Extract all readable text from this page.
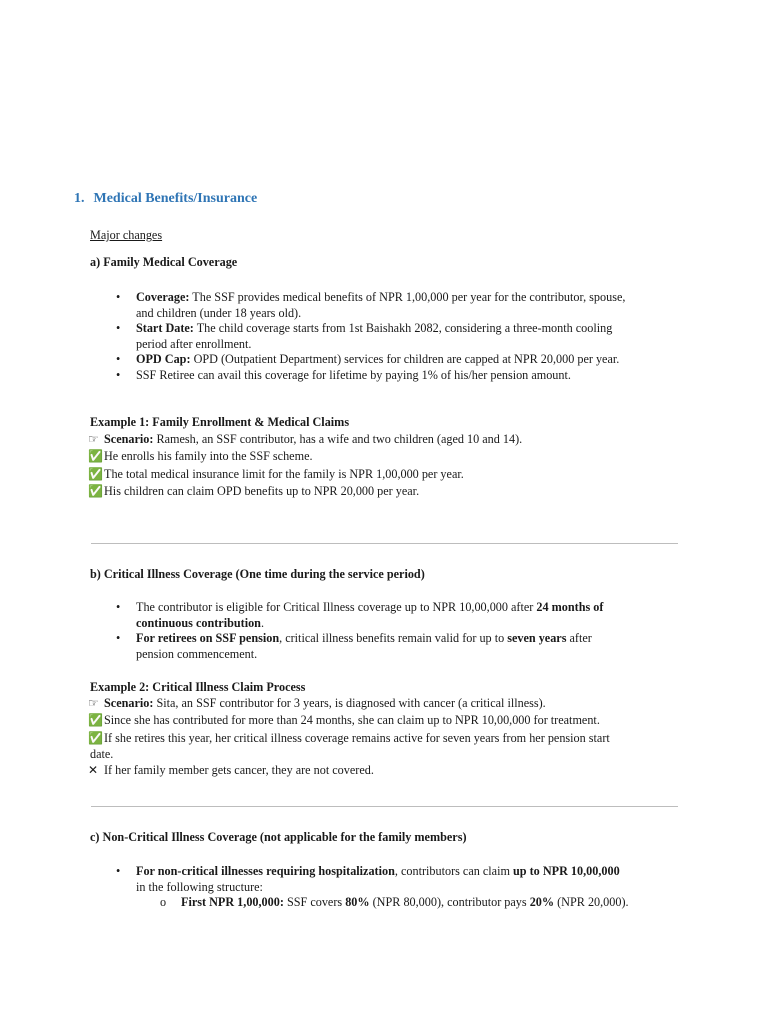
1. Medical Benefits/Insurance
Major changes
a) Family Medical Coverage
•	Coverage: The SSF provides medical benefits of NPR 1,00,000 per year for the contributor, spouse,
and children (under 18 years old).
•	Start Date: The child coverage starts from 1st Baishakh 2082, considering a three-month cooling
period after enrollment.
•	OPD Cap: OPD (Outpatient Department) services for children are capped at NPR 20,000 per year.
•	SSF Retiree can avail this coverage for lifetime by paying 1% of his/her pension amount.
Example 1: Family Enrollment & Medical Claims
☞ Scenario: Ramesh, an SSF contributor, has a wife and two children (aged 10 and 14).
✅He enrolls his family into the SSF scheme.
✅The total medical insurance limit for the family is NPR 1,00,000 per year.
✅His children can claim OPD benefits up to NPR 20,000 per year.
b) Critical Illness Coverage (One time during the service period)
•	The contributor is eligible for Critical Illness coverage up to NPR 10,00,000 after 24 months of
continuous contribution.
•	For retirees on SSF pension, critical illness benefits remain valid for up to seven years after
pension commencement.
Example 2: Critical Illness Claim Process
☞ Scenario: Sita, an SSF contributor for 3 years, is diagnosed with cancer (a critical illness).
✅Since she has contributed for more than 24 months, she can claim up to NPR 10,00,000 for treatment.
✅If she retires this year, her critical illness coverage remains active for seven years from her pension start
date.
✕ If her family member gets cancer, they are not covered.
c) Non-Critical Illness Coverage (not applicable for the family members)
•	For non-critical illnesses requiring hospitalization, contributors can claim up to NPR 10,00,000
in the following structure:
o	First NPR 1,00,000: SSF covers 80% (NPR 80,000), contributor pays 20% (NPR 20,000).
